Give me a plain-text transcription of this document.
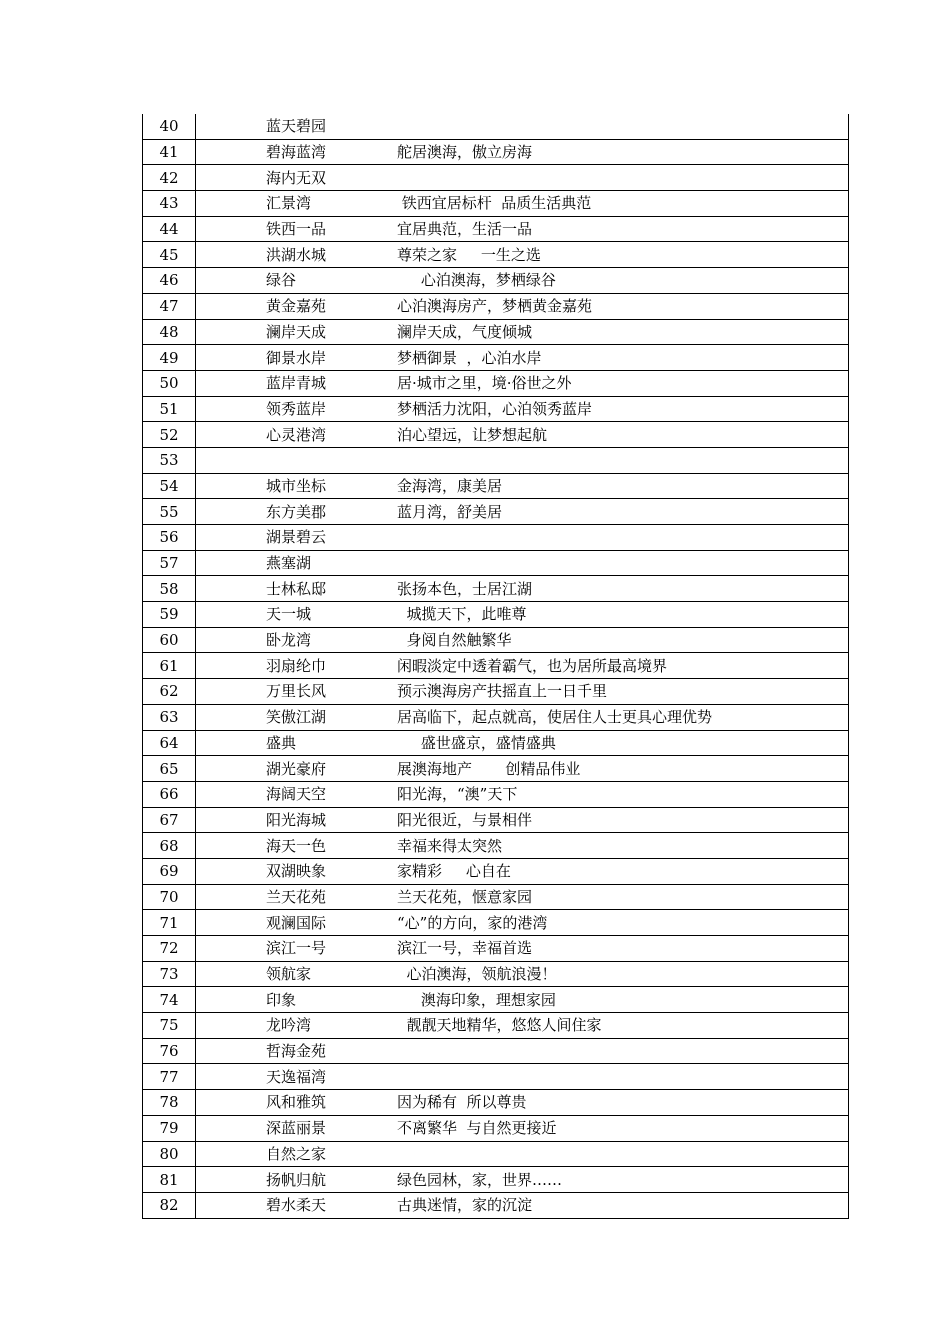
40	蓝天碧园	
41	碧海蓝湾	舵居澳海，傲立房海
42	海内无双	
43	汇景湾	铁西宜居标杆  品质生活典范
44	铁西一品	宜居典范，生活一品
45	洪湖水城	尊荣之家     一生之选
46	绿谷	心泊澳海，梦栖绿谷
47	黄金嘉苑	心泊澳海房产，梦栖黄金嘉苑
48	澜岸天成	澜岸天成，气度倾城
49	御景水岸	梦栖御景  ，心泊水岸
50	蓝岸青城	居·城市之里，境·俗世之外
51	领秀蓝岸	梦栖活力沈阳，心泊领秀蓝岸
52	心灵港湾	泊心望远，让梦想起航
53		
54	城市坐标	金海湾，康美居
55	东方美郡	蓝月湾，舒美居
56	湖景碧云	
57	燕塞湖	
58	士林私邸	张扬本色，士居江湖
59	天一城	城揽天下，此唯尊
60	卧龙湾	身阅自然触繁华
61	羽扇纶巾	闲暇淡定中透着霸气，也为居所最高境界
62	万里长风	预示澳海房产扶摇直上一日千里
63	笑傲江湖	居高临下，起点就高，使居住人士更具心理优势
64	盛典	盛世盛京，盛情盛典
65	湖光豪府	展澳海地产       创精品伟业
66	海阔天空	阳光海，“澳”天下
67	阳光海城	阳光很近，与景相伴
68	海天一色	幸福来得太突然
69	双湖映象	家精彩     心自在
70	兰天花苑	兰天花苑，惬意家园
71	观澜国际	“心”的方向，家的港湾
72	滨江一号	滨江一号，幸福首选
73	领航家	心泊澳海，领航浪漫！
74	印象	澳海印象，理想家园
75	龙吟湾	靓靓天地精华，悠悠人间住家
76	哲海金苑	
77	天逸福湾	
78	风和雅筑	因为稀有  所以尊贵
79	深蓝丽景	不离繁华  与自然更接近
80	自然之家	
81	扬帆归航	绿色园林，家，世界……
82	碧水柔天	古典迷情，家的沉淀
